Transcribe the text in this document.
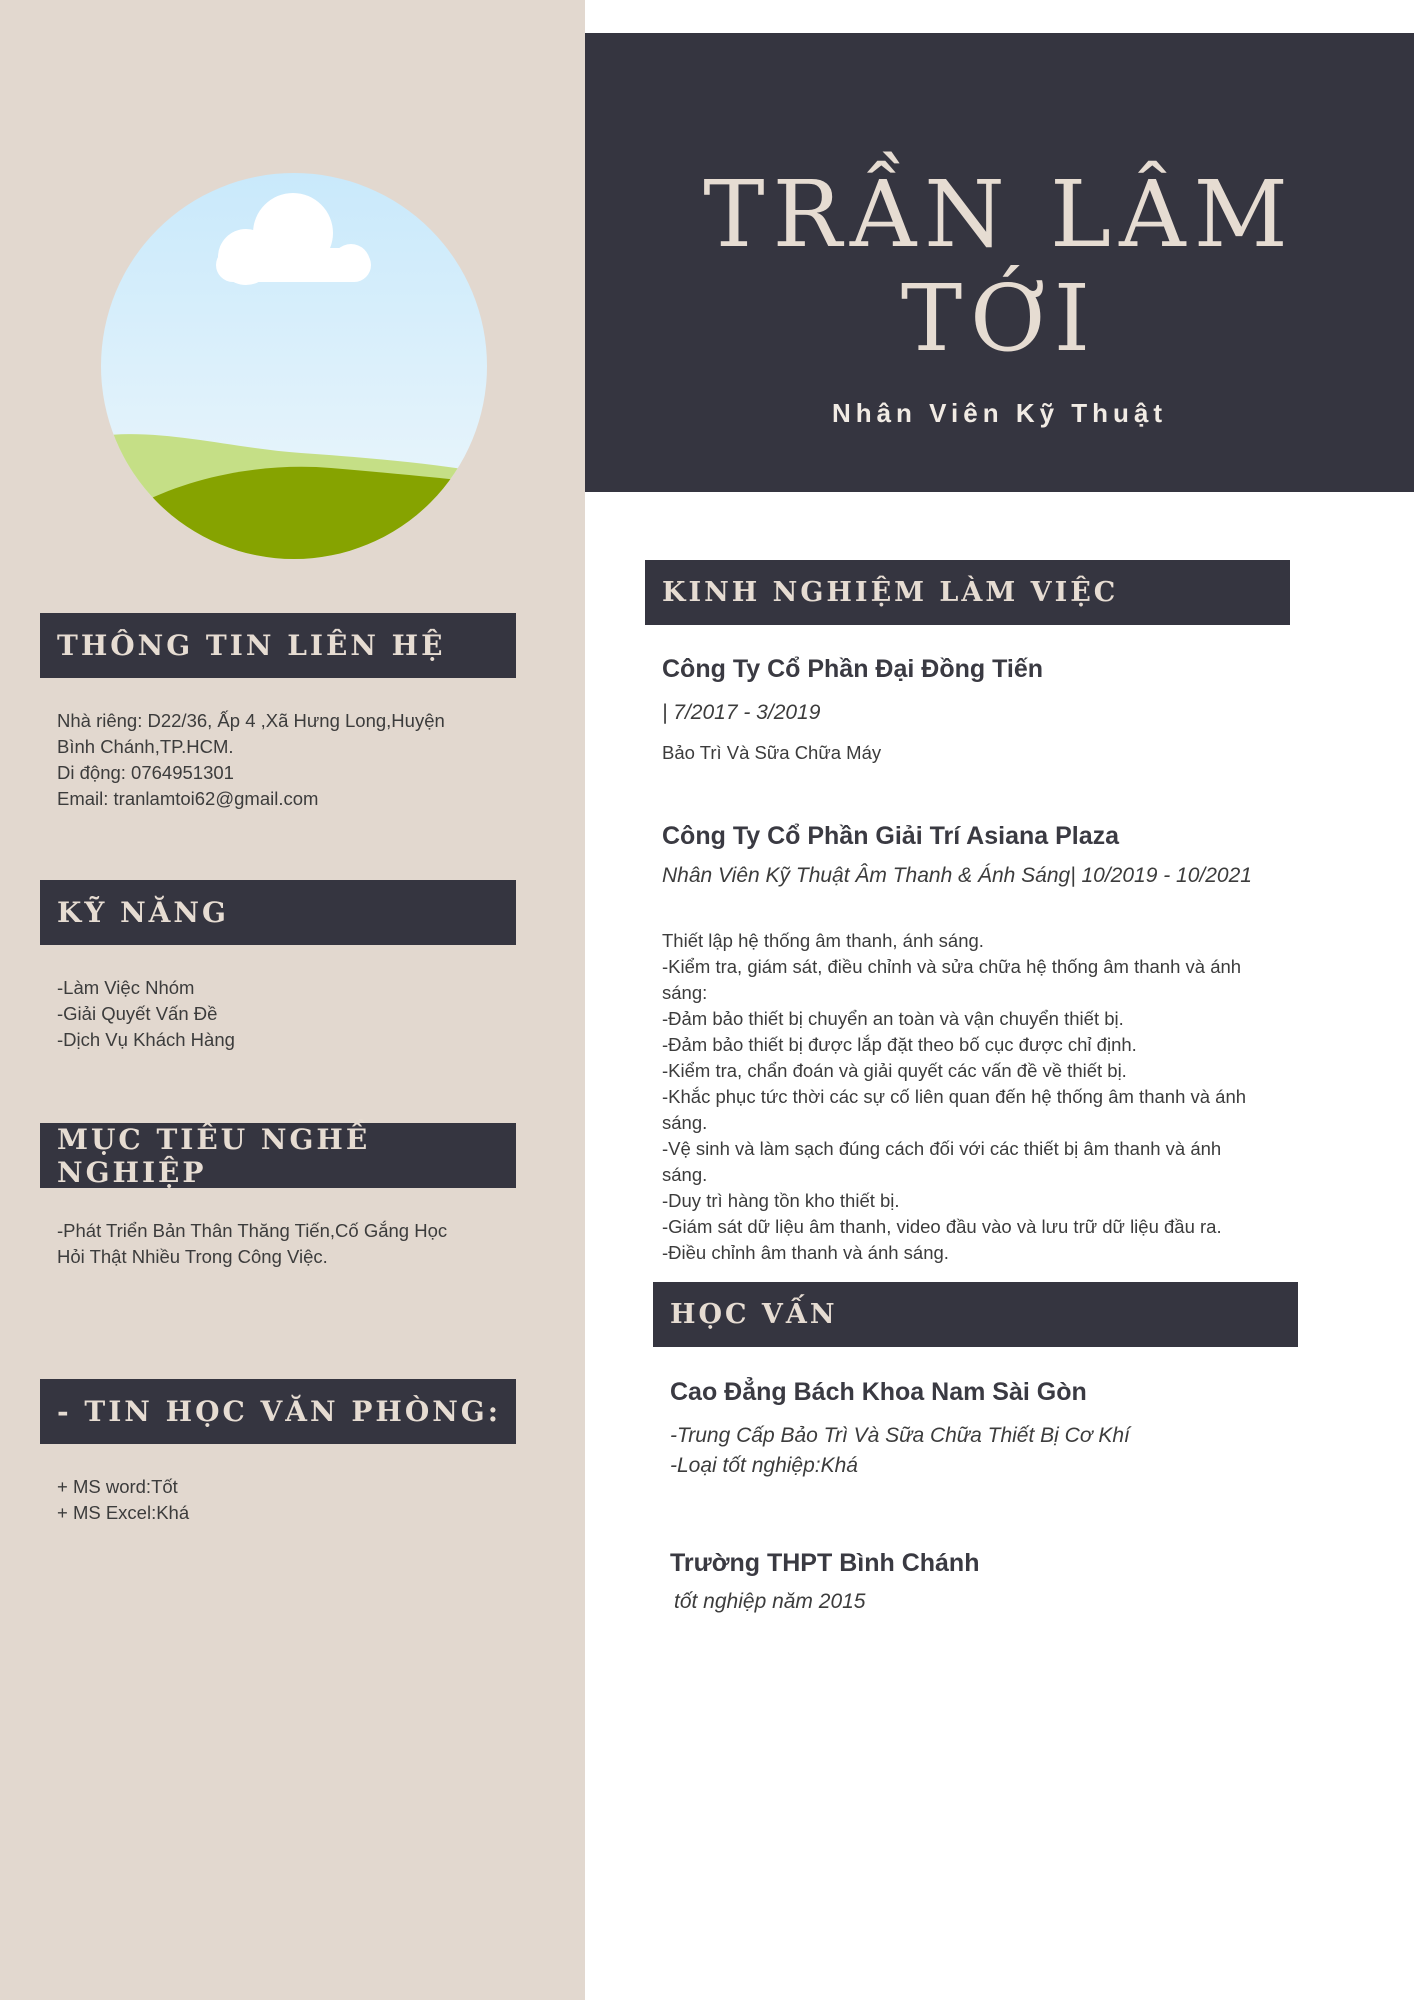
THÔNG TIN LIÊN HỆ

Nhà riêng: D22/36, Ấp 4 ,Xã Hưng Long,Huyện
Bình Chánh,TP.HCM.
Di động: 0764951301
Email: tranlamtoi62@gmail.com

KỸ NĂNG

-Làm Việc Nhóm
-Giải Quyết Vấn Đề
-Dịch Vụ Khách Hàng

MỤC TIÊU NGHỀ NGHIỆP

-Phát Triển Bản Thân Thăng Tiến,Cố Gắng Học
Hỏi Thật Nhiều Trong Công Việc.

- TIN HỌC VĂN PHÒNG:

+ MS word:Tốt
+ MS Excel:Khá

TRẦN LÂM
TỚI
Nhân Viên Kỹ Thuật
KINH NGHIỆM LÀM VIỆC
Công Ty Cổ Phần Đại Đồng Tiến

| 7/2017 - 3/2019

Bảo Trì Và Sữa Chữa Máy

Công Ty Cổ Phần Giải Trí Asiana Plaza

Nhân Viên Kỹ Thuật Âm Thanh & Ánh Sáng| 10/2019 - 10/2021

Thiết lập hệ thống âm thanh, ánh sáng.
-Kiểm tra, giám sát, điều chỉnh và sửa chữa hệ thống âm thanh và ánh
sáng:
-Đảm bảo thiết bị chuyển an toàn và vận chuyển thiết bị.
-Đảm bảo thiết bị được lắp đặt theo bố cục được chỉ định.
-Kiểm tra, chẩn đoán và giải quyết các vấn đề về thiết bị.
-Khắc phục tức thời các sự cố liên quan đến hệ thống âm thanh và ánh
sáng.
-Vệ sinh và làm sạch đúng cách đối với các thiết bị âm thanh và ánh
sáng.
-Duy trì hàng tồn kho thiết bị.
-Giám sát dữ liệu âm thanh, video đầu vào và lưu trữ dữ liệu đầu ra.
-Điều chỉnh âm thanh và ánh sáng.

HỌC VẤN
Cao Đẳng Bách Khoa Nam Sài Gòn

-Trung Cấp Bảo Trì Và Sữa Chữa Thiết Bị Cơ Khí
-Loại tốt nghiệp:Khá

Trường THPT Bình Chánh

tốt nghiệp năm 2015
